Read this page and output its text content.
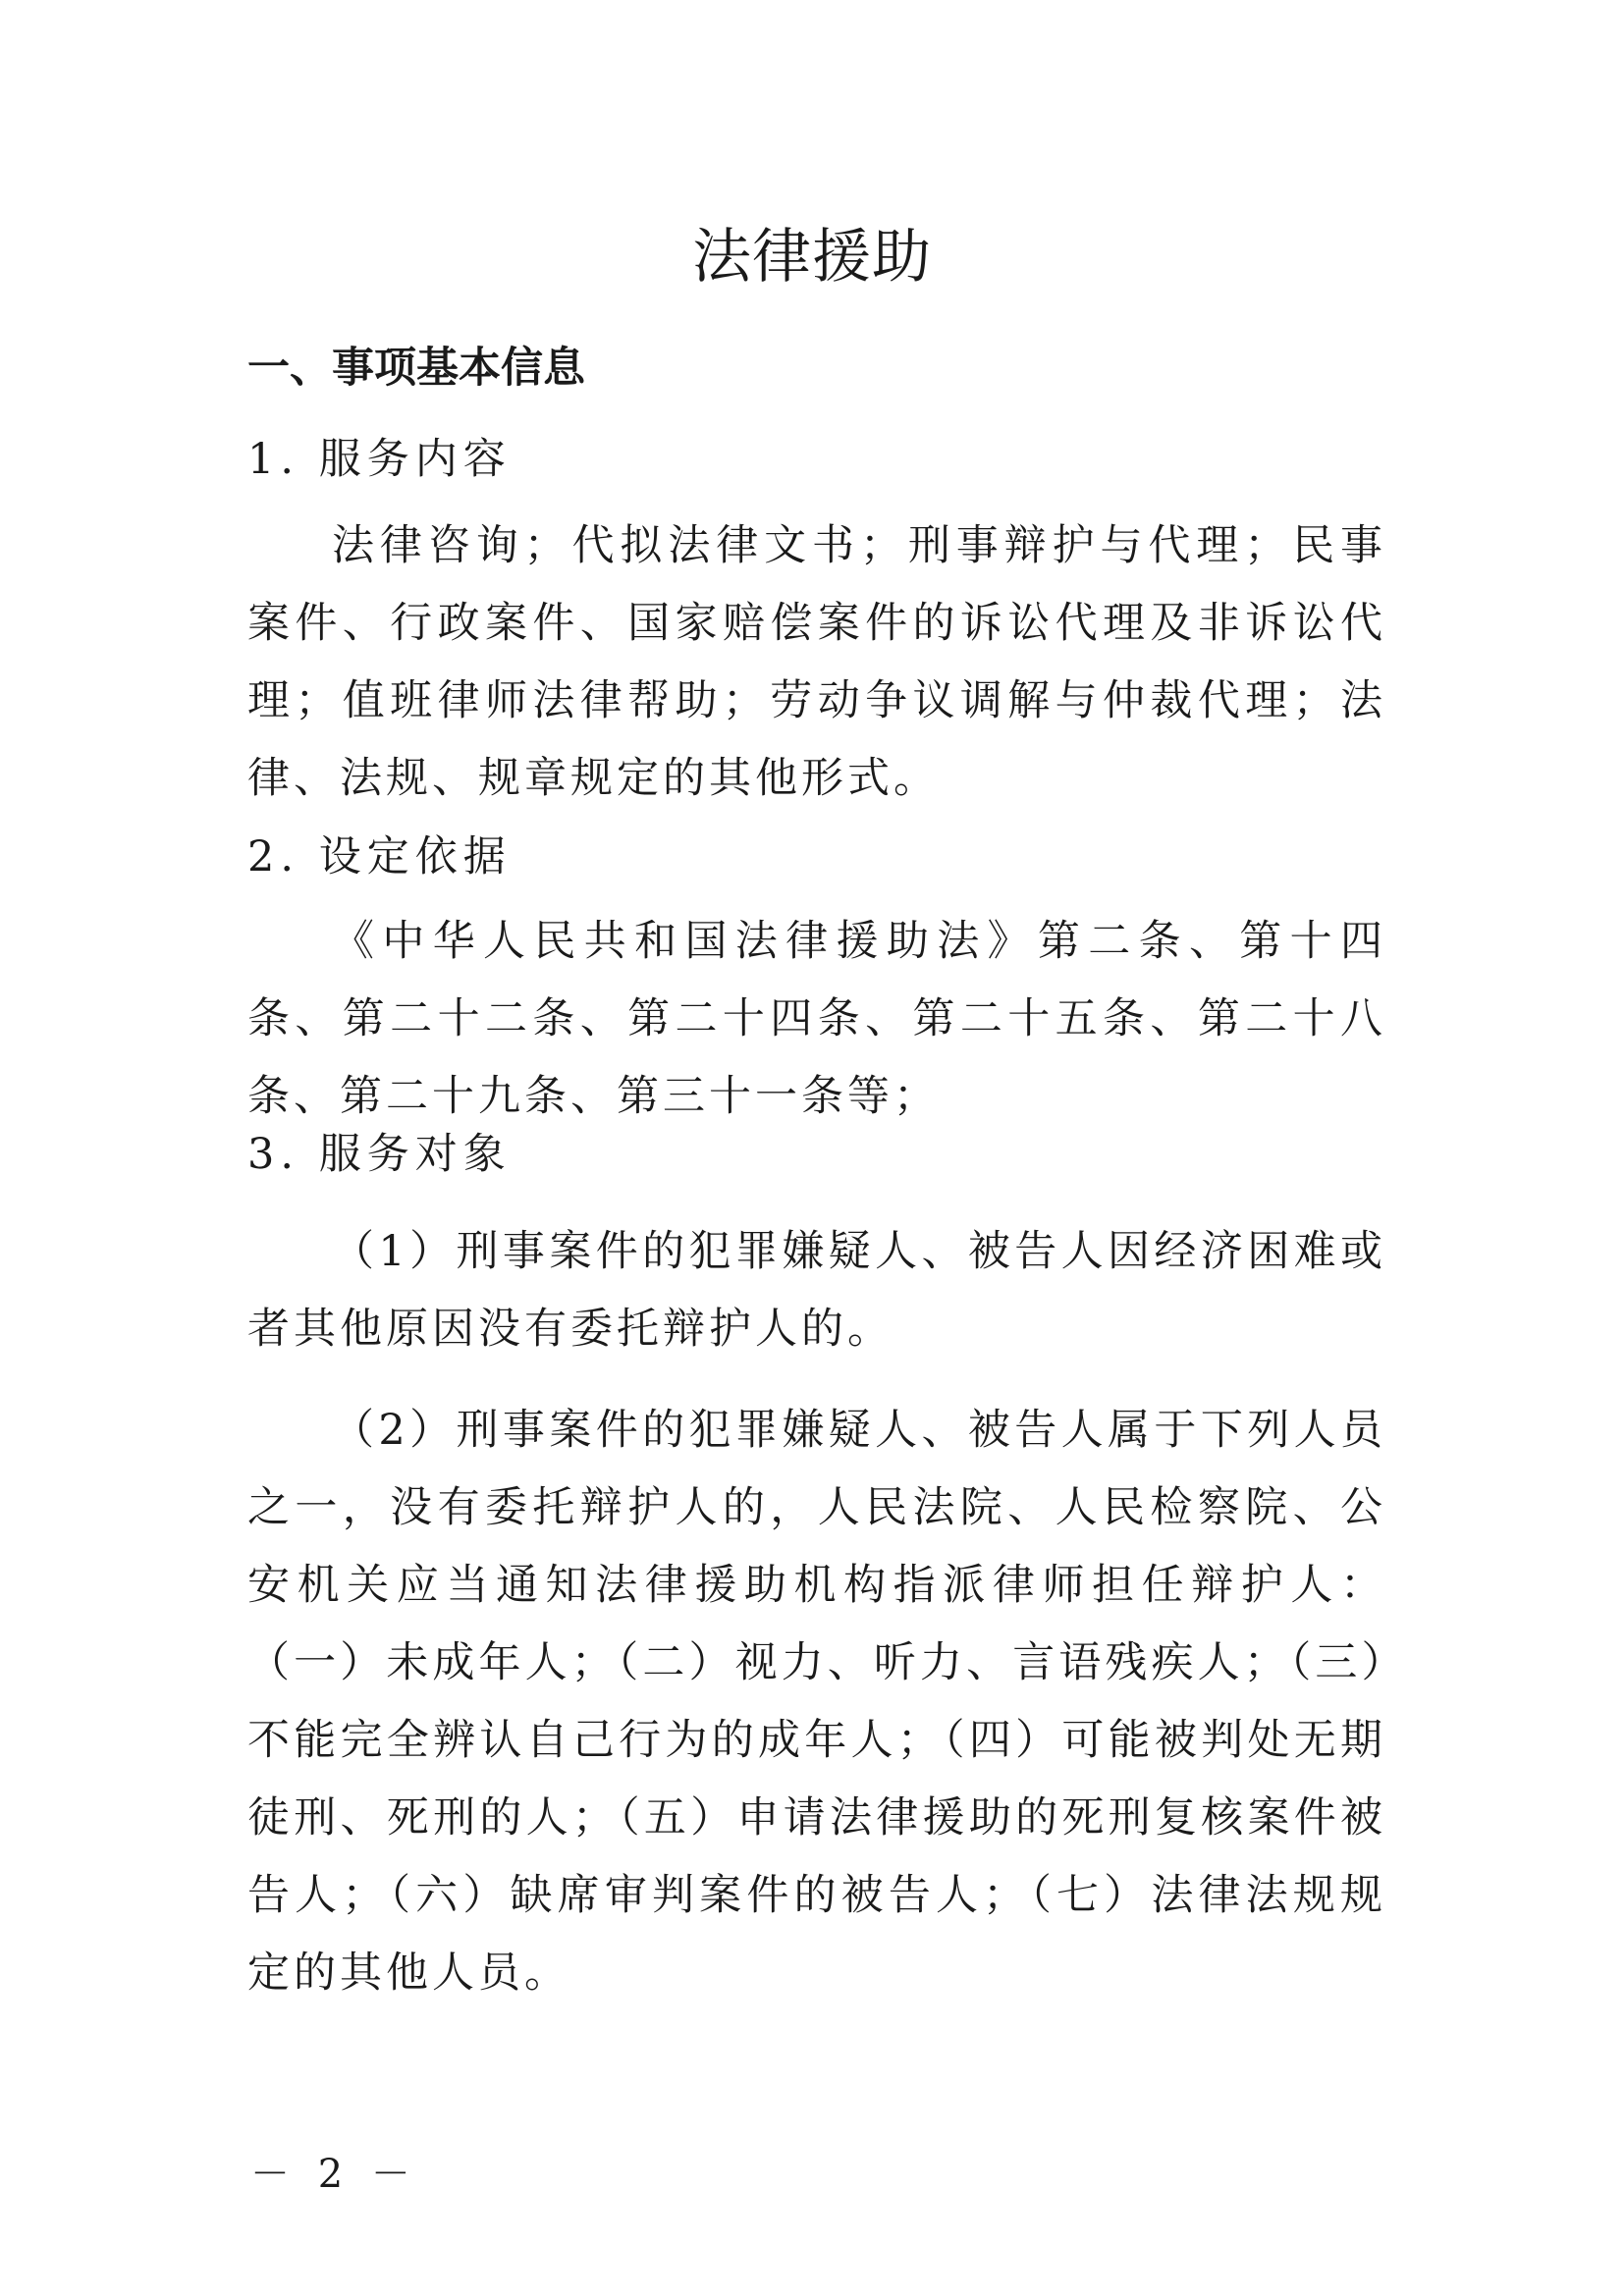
法律援助
一、事项基本信息
1. 服务内容

法律咨询；代拟法律文书；刑事辩护与代理；民事案件、行政案件、国家赔偿案件的诉讼代理及非诉讼代理；值班律师法律帮助；劳动争议调解与仲裁代理；法律、法规、规章规定的其他形式。

2. 设定依据

《中华人民共和国法律援助法》第二条、第十四条、第二十二条、第二十四条、第二十五条、第二十八条、第二十九条、第三十一条等；

3. 服务对象

（1）刑事案件的犯罪嫌疑人、被告人因经济困难或者其他原因没有委托辩护人的。

（2）刑事案件的犯罪嫌疑人、被告人属于下列人员之一，没有委托辩护人的，人民法院、人民检察院、公安机关应当通知法律援助机构指派律师担任辩护人：（一）未成年人；（二）视力、听力、言语残疾人；（三）不能完全辨认自己行为的成年人；（四）可能被判处无期徒刑、死刑的人；（五）申请法律援助的死刑复核案件被告人；（六）缺席审判案件的被告人；（七）法律法规规定的其他人员。

－ 2 －
